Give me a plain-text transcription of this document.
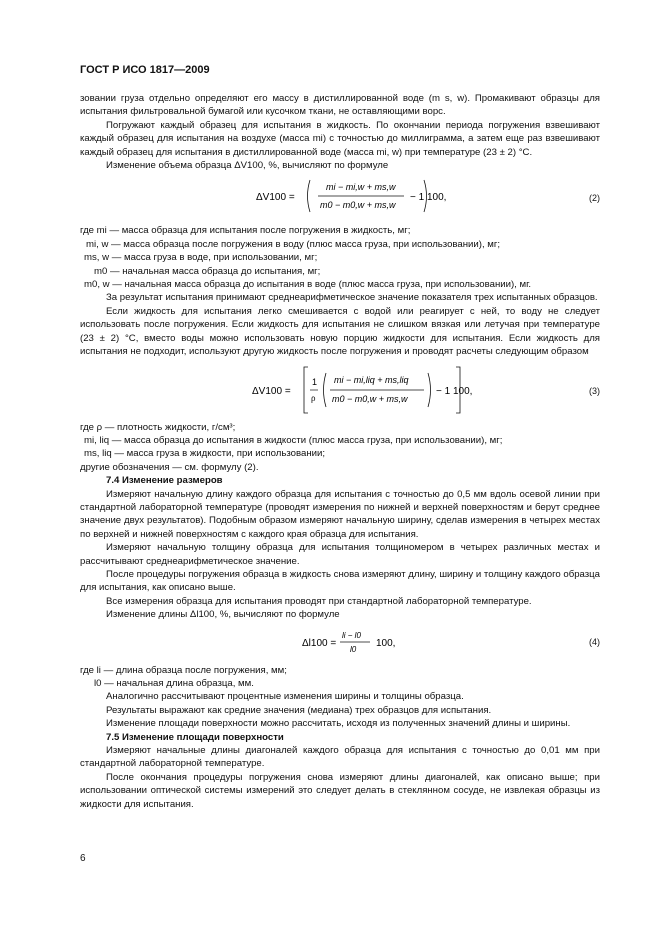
ГОСТ Р ИСО 1817—2009

зовании груза отдельно определяют его массу в дистиллированной воде (m s, w). Промакивают образцы для испытания фильтровальной бумагой или кусочком ткани, не оставляющими ворс.

Погружают каждый образец для испытания в жидкость. По окончании периода погружения взвешивают каждый образец для испытания на воздухе (масса mi) с точностью до миллиграмма, а затем еще раз взвешивают каждый образец для испытания в дистиллированной воде (масса mi, w) при температуре (23 ± 2) °С.

Изменение объема образца ΔV100, %, вычисляют по формуле

ΔV100 =
mi − mi,w + ms,w
m0 − m0,w + ms,w
− 1 100,	(2)

где mi — масса образца для испытания после погружения в жидкость, мг;

mi, w — масса образца после погружения в воду (плюс масса груза, при использовании), мг;

ms, w — масса груза в воде, при использовании, мг;

m0 — начальная масса образца до испытания, мг;

m0, w — начальная масса образца до испытания в воде (плюс масса груза, при использовании), мг.

За результат испытания принимают среднеарифметическое значение показателя трех испытанных образцов.

Если жидкость для испытания легко смешивается с водой или реагирует с ней, то воду не следует использовать после погружения. Если жидкость для испытания не слишком вязкая или летучая при температуре (23 ± 2) °С, вместо воды можно использовать новую порцию жидкости для испытания. Если жидкость для испытания не подходит, используют другую жидкость после погружения и проводят расчеты следующим образом

ΔV100 =
1
ρ
mi − mi,liq + ms,liq
m0 − m0,w + ms,w
− 1 100,	(3)

где ρ — плотность жидкости, г/см³;

mi, liq — масса образца до испытания в жидкости (плюс масса груза, при использовании), мг;

ms, liq — масса груза в жидкости, при использовании;

другие обозначения — см. формулу (2).

7.4 Изменение размеров

Измеряют начальную длину каждого образца для испытания с точностью до 0,5 мм вдоль осевой линии при стандартной лабораторной температуре (проводят измерения по нижней и верхней поверхностям и берут среднее значение двух результатов). Подобным образом измеряют начальную ширину, сделав измерения в четырех местах по верхней и нижней поверхностям с каждого края образца для испытания.

Измеряют начальную толщину образца для испытания толщиномером в четырех различных местах и рассчитывают среднеарифметическое значение.

После процедуры погружения образца в жидкость снова измеряют длину, ширину и толщину каждого образца для испытания, как описано выше.

Все измерения образца для испытания проводят при стандартной лабораторной температуре.

Изменение длины Δl100, %, вычисляют по формуле

Δl100 =
li − l0
l0
100,	(4)

где li — длина образца после погружения, мм;

l0 — начальная длина образца, мм.

Аналогично рассчитывают процентные изменения ширины и толщины образца.

Результаты выражают как средние значения (медиана) трех образцов для испытания.

Изменение площади поверхности можно рассчитать, исходя из полученных значений длины и ширины.

7.5 Изменение площади поверхности

Измеряют начальные длины диагоналей каждого образца для испытания с точностью до 0,01 мм при стандартной лабораторной температуре.

После окончания процедуры погружения снова измеряют длины диагоналей, как описано выше; при использовании оптической системы измерений это следует делать в стеклянном сосуде, не извлекая образцы из жидкости для испытания.

6
